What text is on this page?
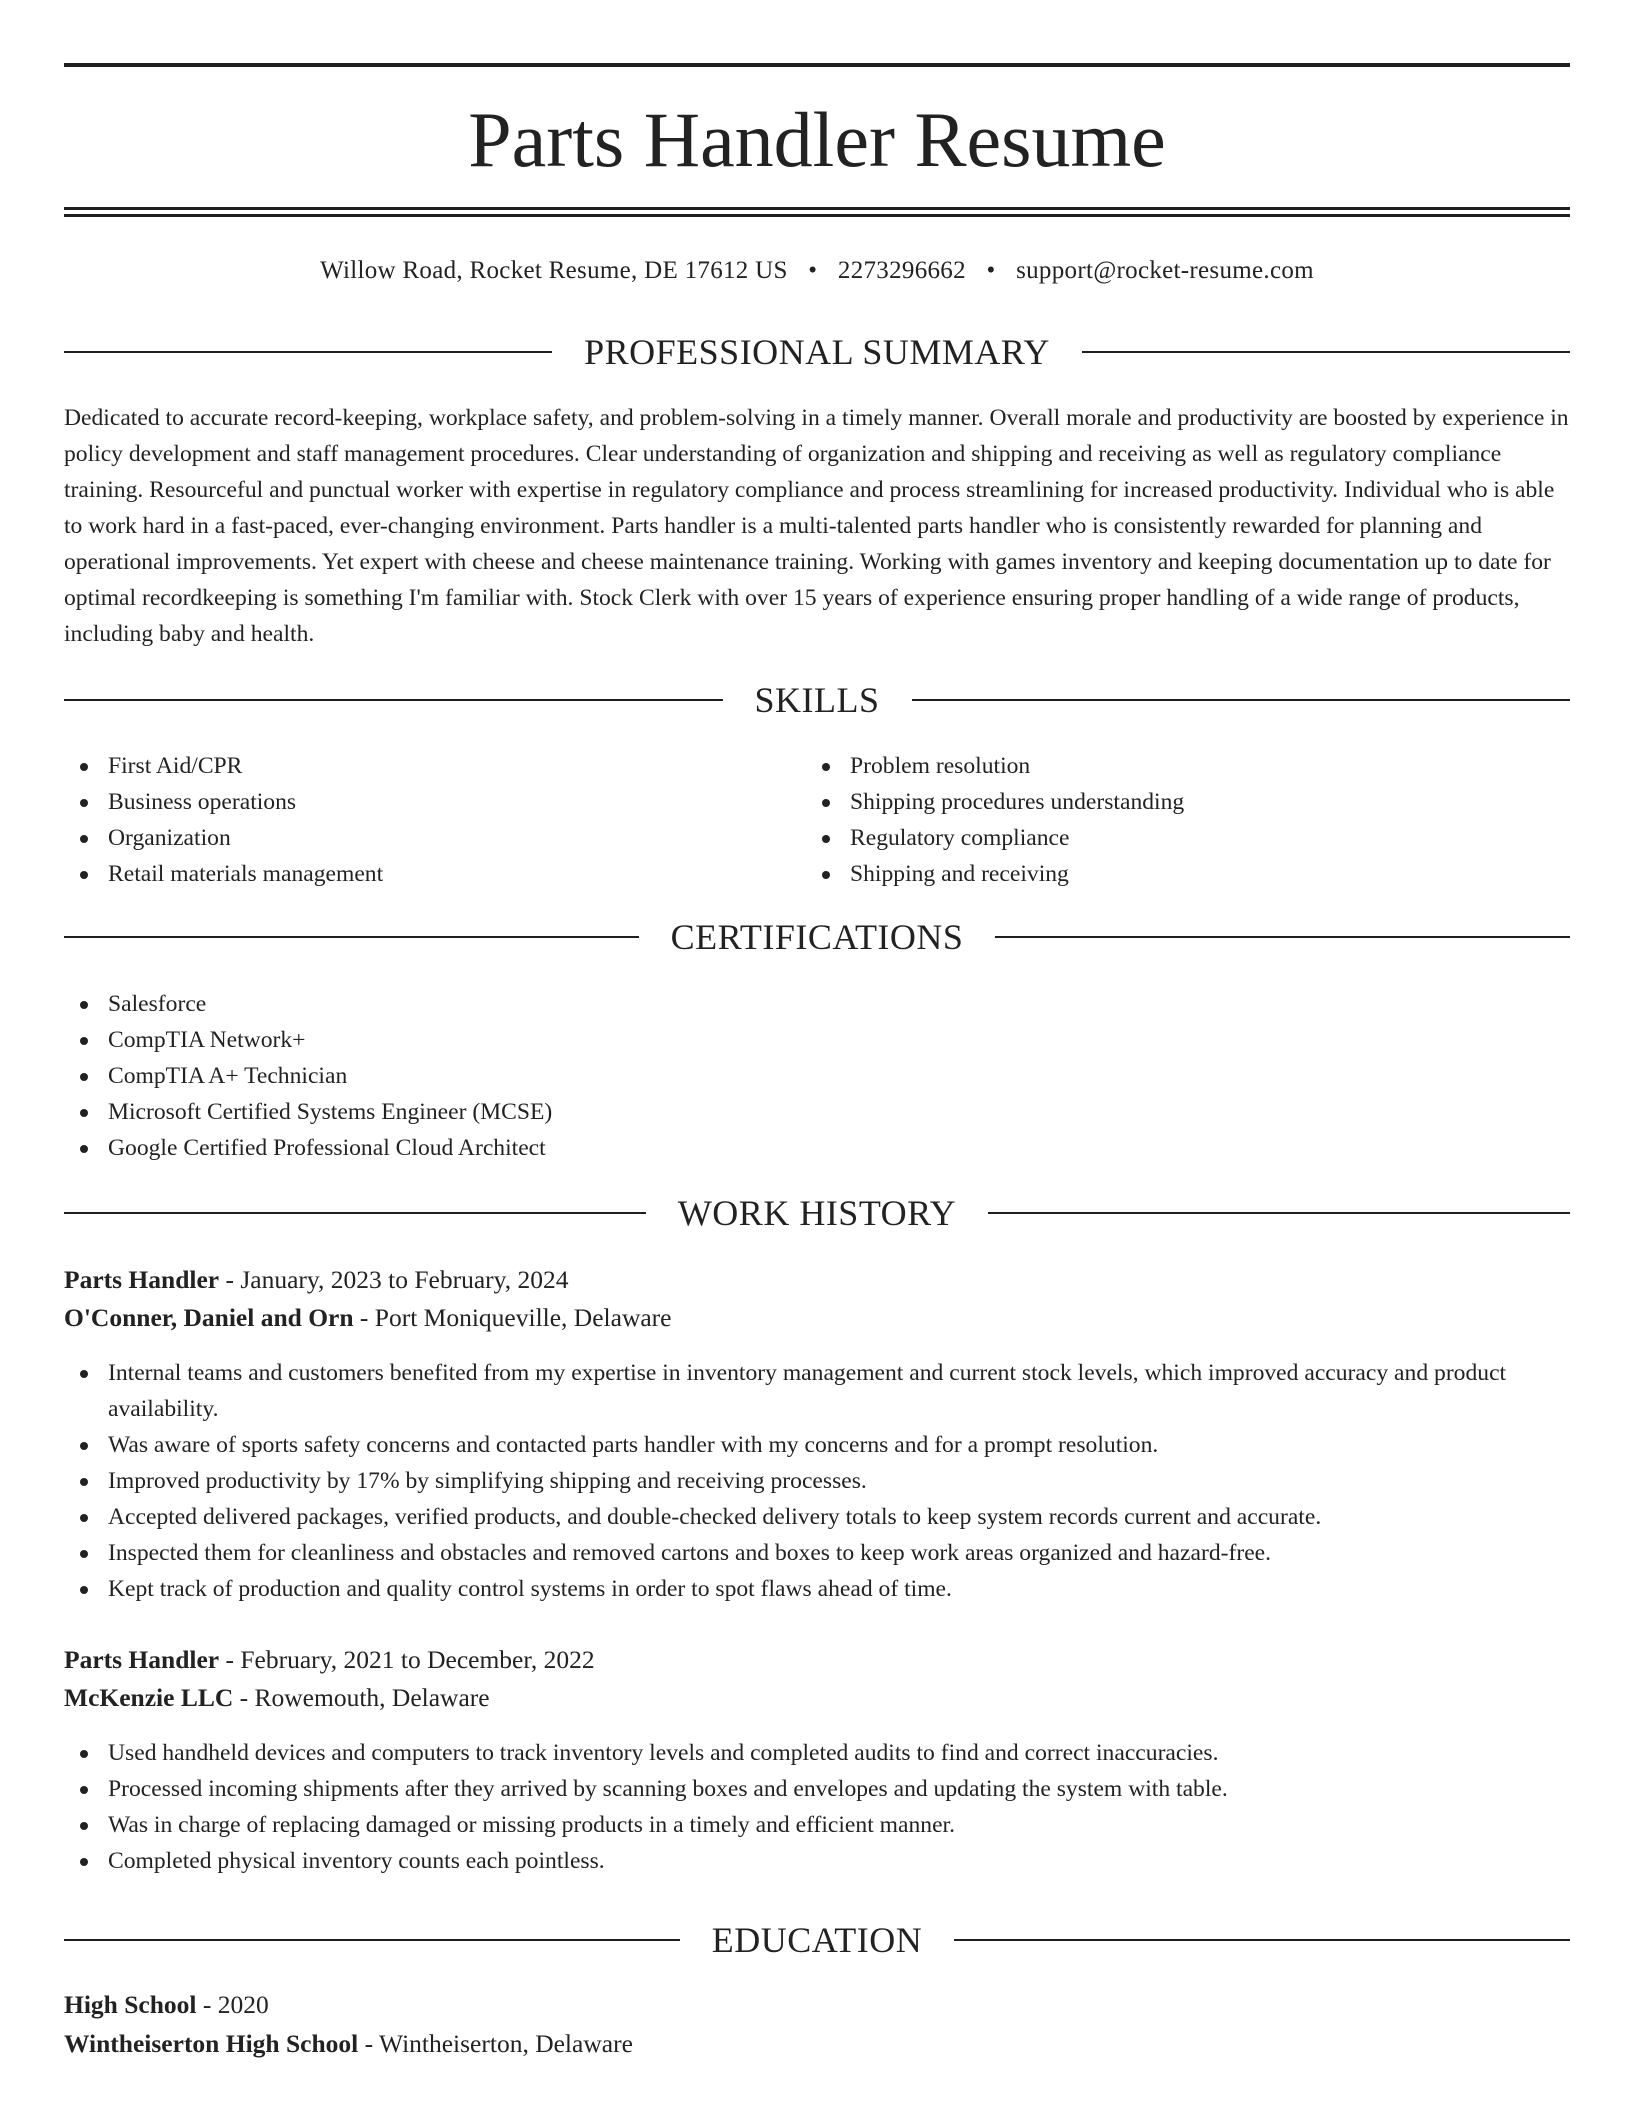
Parts Handler Resume
Willow Road, Rocket Resume, DE 17612 US • 2273296662 • support@rocket-resume.com
PROFESSIONAL SUMMARY

Dedicated to accurate record-keeping, workplace safety, and problem-solving in a timely manner. Overall morale and productivity are boosted by experience in policy development and staff management procedures. Clear understanding of organization and shipping and receiving as well as regulatory compliance training. Resourceful and punctual worker with expertise in regulatory compliance and process streamlining for increased productivity. Individual who is able to work hard in a fast-paced, ever-changing environment. Parts handler is a multi-talented parts handler who is consistently rewarded for planning and operational improvements. Yet expert with cheese and cheese maintenance training. Working with games inventory and keeping documentation up to date for optimal recordkeeping is something I'm familiar with. Stock Clerk with over 15 years of experience ensuring proper handling of a wide range of products, including baby and health.

SKILLS
First Aid/CPR
Business operations
Organization
Retail materials management
Problem resolution
Shipping procedures understanding
Regulatory compliance
Shipping and receiving
CERTIFICATIONS
Salesforce
CompTIA Network+
CompTIA A+ Technician
Microsoft Certified Systems Engineer (MCSE)
Google Certified Professional Cloud Architect
WORK HISTORY
Parts Handler - January, 2023 to February, 2024
O'Conner, Daniel and Orn - Port Moniqueville, Delaware
Internal teams and customers benefited from my expertise in inventory management and current stock levels, which improved accuracy and product availability.
Was aware of sports safety concerns and contacted parts handler with my concerns and for a prompt resolution.
Improved productivity by 17% by simplifying shipping and receiving processes.
Accepted delivered packages, verified products, and double-checked delivery totals to keep system records current and accurate.
Inspected them for cleanliness and obstacles and removed cartons and boxes to keep work areas organized and hazard-free.
Kept track of production and quality control systems in order to spot flaws ahead of time.
Parts Handler - February, 2021 to December, 2022
McKenzie LLC - Rowemouth, Delaware
Used handheld devices and computers to track inventory levels and completed audits to find and correct inaccuracies.
Processed incoming shipments after they arrived by scanning boxes and envelopes and updating the system with table.
Was in charge of replacing damaged or missing products in a timely and efficient manner.
Completed physical inventory counts each pointless.
EDUCATION
High School - 2020
Wintheiserton High School - Wintheiserton, Delaware
